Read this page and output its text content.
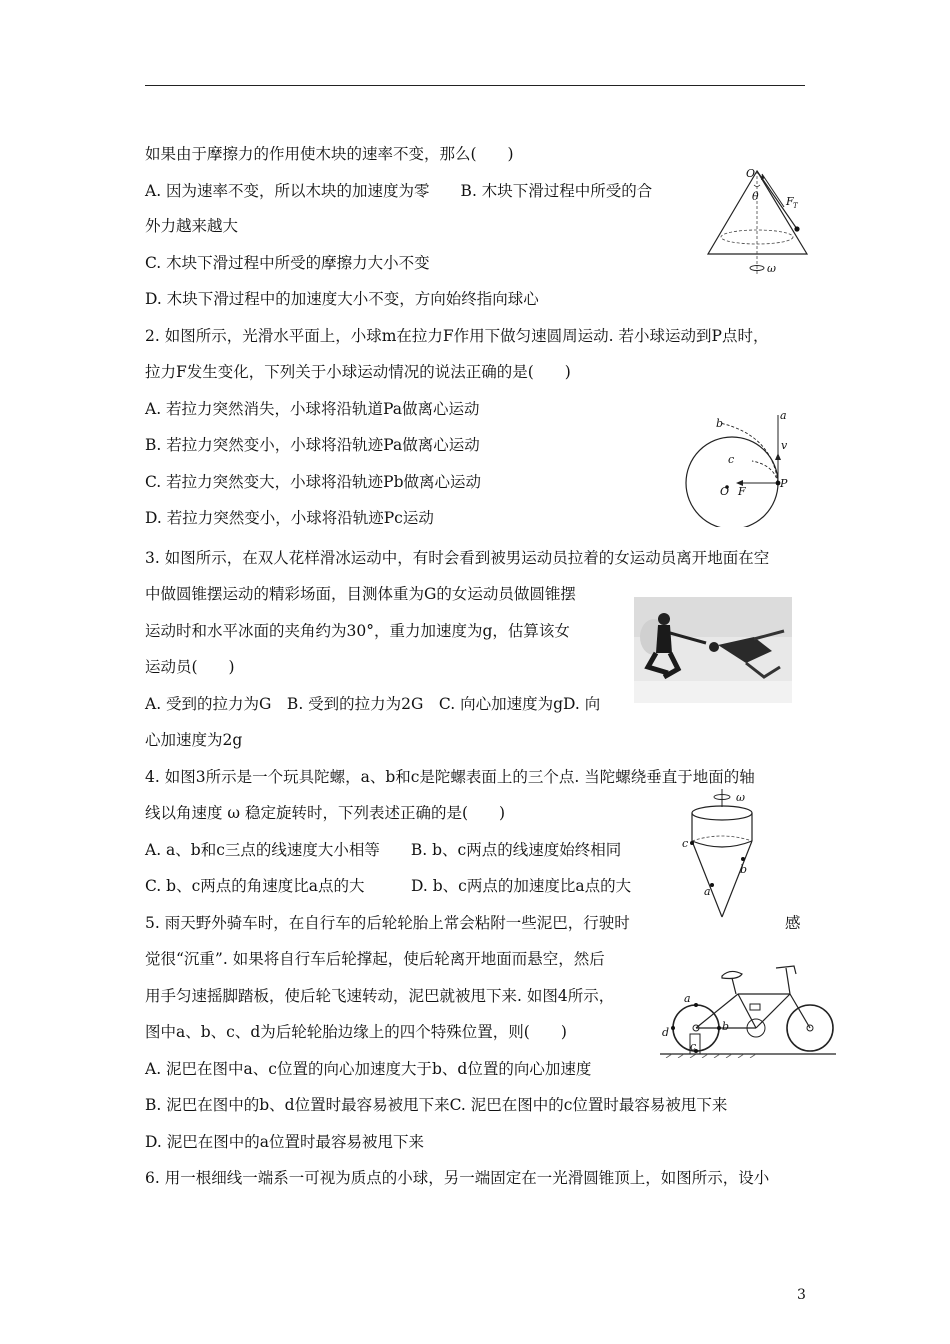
如果由于摩擦力的作用使木块的速率不变，那么(　　)
A. 因为速率不变，所以木块的加速度为零　　B. 木块下滑过程中所受的合
外力越来越大
C. 木块下滑过程中所受的摩擦力大小不变
D. 木块下滑过程中的加速度大小不变，方向始终指向球心
2. 如图所示，光滑水平面上，小球m在拉力F作用下做匀速圆周运动. 若小球运动到P点时，
拉力F发生变化，下列关于小球运动情况的说法正确的是(　　)
A. 若拉力突然消失，小球将沿轨道Pa做离心运动
B. 若拉力突然变小，小球将沿轨迹Pa做离心运动
C. 若拉力突然变大，小球将沿轨迹Pb做离心运动
D. 若拉力突然变小，小球将沿轨迹Pc运动
3. 如图所示，在双人花样滑冰运动中，有时会看到被男运动员拉着的女运动员离开地面在空
中做圆锥摆运动的精彩场面，目测体重为G的女运动员做圆锥摆
运动时和水平冰面的夹角约为30°，重力加速度为g，估算该女
运动员(　　)
A. 受到的拉力为G　B. 受到的拉力为2G　C. 向心加速度为gD. 向
心加速度为2g
4. 如图3所示是一个玩具陀螺，a、b和c是陀螺表面上的三个点. 当陀螺绕垂直于地面的轴
线以角速度 ω 稳定旋转时，下列表述正确的是(　　)
A. a、b和c三点的线速度大小相等　　B. b、c两点的线速度始终相同
C. b、c两点的角速度比a点的大　　　D. b、c两点的加速度比a点的大
5. 雨天野外骑车时，在自行车的后轮轮胎上常会粘附一些泥巴，行驶时	感
觉很“沉重”. 如果将自行车后轮撑起，使后轮离开地面而悬空，然后
用手匀速摇脚踏板，使后轮飞速转动，泥巴就被甩下来. 如图4所示，
图中a、b、c、d为后轮轮胎边缘上的四个特殊位置，则(　　)
A. 泥巴在图中a、c位置的向心加速度大于b、d位置的向心加速度
B. 泥巴在图中的b、d位置时最容易被甩下来C. 泥巴在图中的c位置时最容易被甩下来
D. 泥巴在图中的a位置时最容易被甩下来
6. 用一根细线一端系一可视为质点的小球，另一端固定在一光滑圆锥顶上，如图所示，设小
O
θ F T
ω
a
b
c
v
P
O F
ω
c
b
a
a
b
c
d
3
